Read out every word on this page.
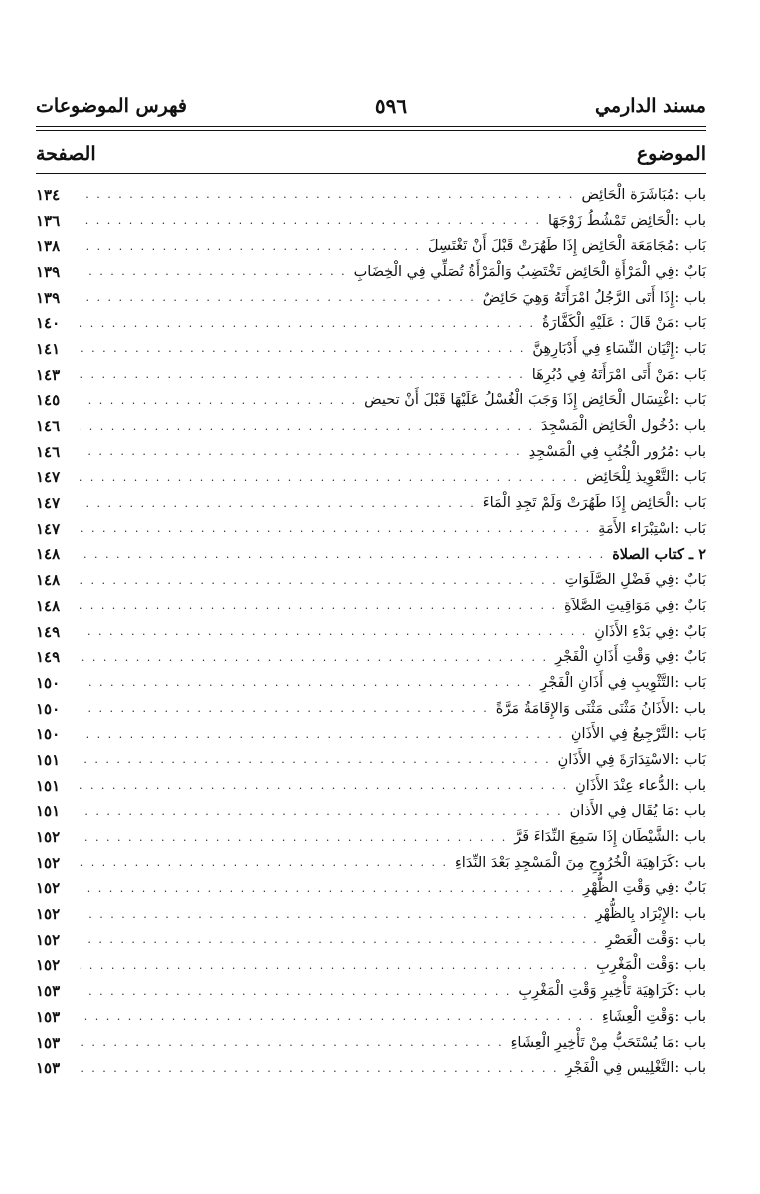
مسند الدارمي
٥٩٦
فهرس الموضوعات
الموضوع
الصفحة
باب :
مُبَاشَرَة الْحَائِض
. . .
١٣٤
باب :
الْحَائِض تَمْشُطُ زَوْجَهَا
. . .
١٣٦
بَاب :
مُجَامَعَة الْحَائِض إِذَا طَهُرَتْ قَبْلَ أَنْ تَغْتَسِلَ
. . .
١٣٨
بَابٌ :
فِي الْمَرْأَةِ الْحَائِض تَخْتَضِبُ وَالْمَرْأَةُ تُصَلِّي فِي الْخِضَابِ
. . .
١٣٩
باب :
إِذَا أَتَى الرَّجُلُ امْرَأَتَهُ وَهِيَ حَائِضٌ
. . .
١٣٩
بَاب :
مَنْ قَالَ : عَلَيْهِ الْكَفَّارَةُ
. . .
١٤٠
بَاب :
إِتْيَان النِّسَاءِ فِي أَدْبَارِهِنَّ
. . .
١٤١
بَاب :
مَنْ أَتَى امْرَأَتَهُ فِي دُبُرِهَا
. . .
١٤٣
بَاب :
اغْتِسَال الْحَائِض إِذَا وَجَبَ الْغُسْلُ عَلَيْهَا قَبْلَ أَنْ تحيض
. . .
١٤٥
باب :
دُخُول الْحَائِض الْمَسْجِدَ
. . .
١٤٦
باب :
مُرُور الْجُنُبِ فِي الْمَسْجِدِ
. . .
١٤٦
بَاب :
التَّعْوِيذ لِلْحَائِض
. . .
١٤٧
بَاب :
الْحَائِض إِذَا طَهُرَتْ وَلَمْ تَجِدِ الْمَاءَ
. . .
١٤٧
بَاب :
اسْتِبْرَاء الأَمَةِ
. . .
١٤٧
٢ ـ كتاب الصلاة
. . .
١٤٨
بَابٌ :
فِي فَضْلِ الصَّلَوَاتِ
. . .
١٤٨
بَابٌ :
فِي مَوَاقِيتِ الصَّلاَةِ
. . .
١٤٨
بَابٌ :
فِي بَدْءِ الأَذَانِ
. . .
١٤٩
بَابٌ :
فِي وَقْتِ أَذَانِ الْفَجْرِ
. . .
١٤٩
بَاب :
التَّثْوِيبِ فِي أَذَانِ الْفَجْرِ
. . .
١٥٠
باب :
الأَذَانُ مَثْنَى مَثْنَى وَالإِقَامَةُ مَرَّةً
. . .
١٥٠
بَاب :
التَّرْجِيعُ فِي الأَذَانِ
. . .
١٥٠
بَاب :
الاسْتِدَارَةَ فِي الأَذَانِ
. . .
١٥١
باب :
الدُّعاء عِنْدَ الأَذَانِ
. . .
١٥١
باب :
مَا يُقَال فِي الأَذان
. . .
١٥١
باب :
الشَّيْطَان إِذَا سَمِعَ النِّدَاءَ فَرَّ
. . .
١٥٢
باب :
كَرَاهِيَة الْخُرُوجِ مِنَ الْمَسْجِدِ بَعْدَ النِّدَاءِ
. . .
١٥٢
بَابٌ :
فِي وَقْتِ الظُّهْرِ
. . .
١٥٢
باب :
الإِبْرَاد بِالظُّهْرِ
. . .
١٥٢
باب :
وَقْت الْعَصْرِ
. . .
١٥٢
باب :
وَقْت الْمَغْرِبِ
. . .
١٥٢
باب :
كَرَاهِيَة تَأْخِيرِ وَقْتِ الْمَغْرِبِ
. . .
١٥٣
باب :
وَقْتِ الْعِشَاءِ
. . .
١٥٣
باب :
مَا يُسْتَحَبُّ مِنْ تَأْخِيرِ الْعِشَاءِ
. . .
١٥٣
باب :
التَّغْلِيس فِي الْفَجْرِ
. . .
١٥٣
